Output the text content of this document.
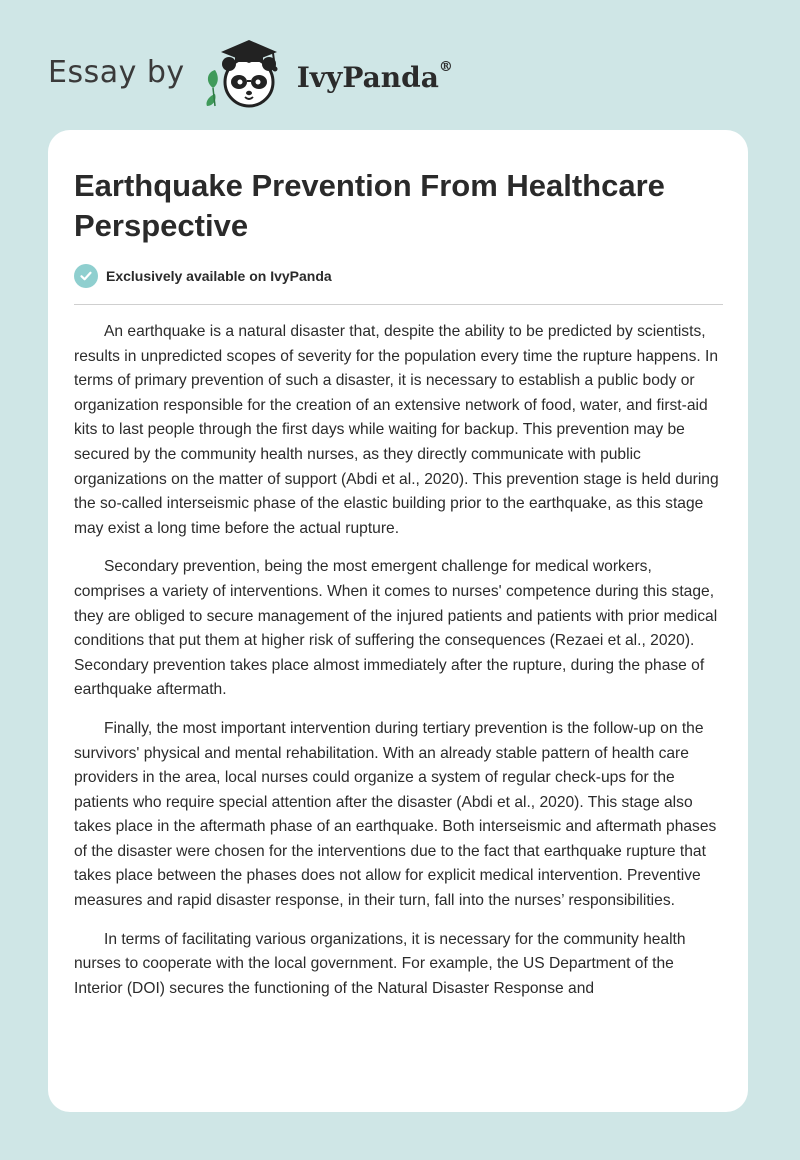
Essay by	IvyPanda®
Earthquake Prevention From Healthcare Perspective
Exclusively available on IvyPanda

An earthquake is a natural disaster that, despite the ability to be predicted by scientists, results in unpredicted scopes of severity for the population every time the rupture happens. In terms of primary prevention of such a disaster, it is necessary to establish a public body or organization responsible for the creation of an extensive network of food, water, and first-aid kits to last people through the first days while waiting for backup. This prevention may be secured by the community health nurses, as they directly communicate with public organizations on the matter of support (Abdi et al., 2020). This prevention stage is held during the so-called interseismic phase of the elastic building prior to the earthquake, as this stage may exist a long time before the actual rupture.

Secondary prevention, being the most emergent challenge for medical workers, comprises a variety of interventions. When it comes to nurses' competence during this stage, they are obliged to secure management of the injured patients and patients with prior medical conditions that put them at higher risk of suffering the consequences (Rezaei et al., 2020). Secondary prevention takes place almost immediately after the rupture, during the phase of earthquake aftermath.

Finally, the most important intervention during tertiary prevention is the follow-up on the survivors' physical and mental rehabilitation. With an already stable pattern of health care providers in the area, local nurses could organize a system of regular check-ups for the patients who require special attention after the disaster (Abdi et al., 2020). This stage also takes place in the aftermath phase of an earthquake. Both interseismic and aftermath phases of the disaster were chosen for the interventions due to the fact that earthquake rupture that takes place between the phases does not allow for explicit medical intervention. Preventive measures and rapid disaster response, in their turn, fall into the nurses’ responsibilities.

In terms of facilitating various organizations, it is necessary for the community health nurses to cooperate with the local government. For example, the US Department of the Interior (DOI) secures the functioning of the Natural Disaster Response and
